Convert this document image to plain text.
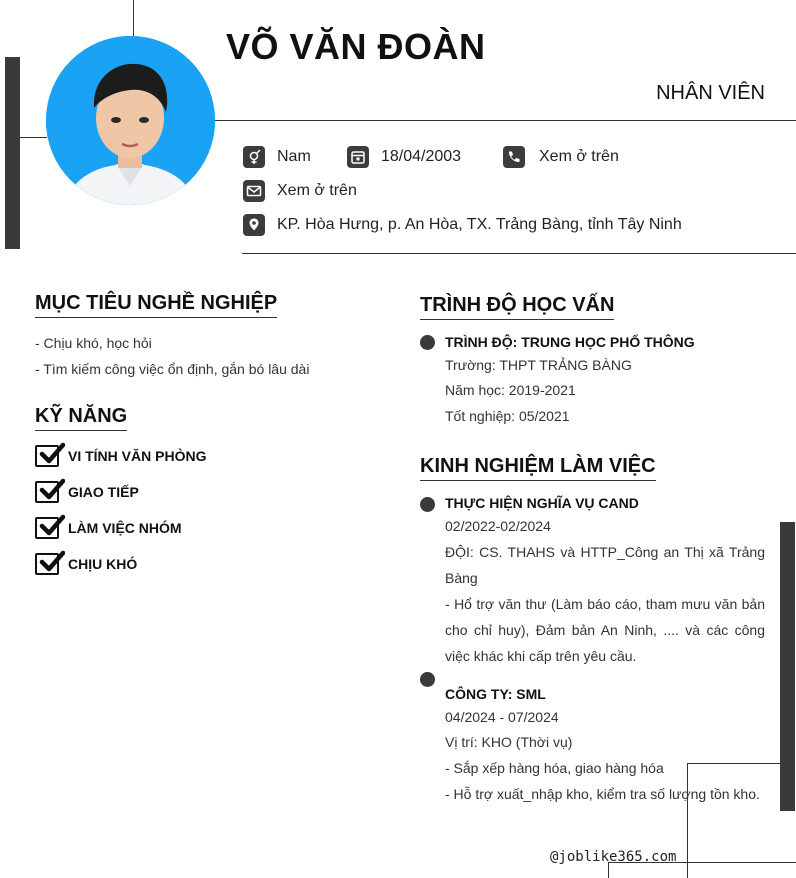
VÕ VĂN ĐOÀN
NHÂN VIÊN
Nam	18/04/2003	Xem ở trên
Xem ở trên
KP. Hòa Hưng, p. An Hòa, TX. Trảng Bàng, tỉnh Tây Ninh
MỤC TIÊU NGHỀ NGHIỆP
- Chịu khó, học hỏi
- Tìm kiếm công việc ổn định, gắn bó lâu dài
KỸ NĂNG
VI TÍNH VĂN PHÒNG
GIAO TIẾP
LÀM VIỆC NHÓM
CHỊU KHÓ
TRÌNH ĐỘ HỌC VẤN
TRÌNH ĐỘ: TRUNG HỌC PHỔ THÔNG
Trường: THPT TRẢNG BÀNG
Năm học: 2019-2021
Tốt nghiệp: 05/2021
KINH NGHIỆM LÀM VIỆC
THỰC HIỆN NGHĨA VỤ CAND
02/2022-02/2024
ĐỘI: CS. THAHS và HTTP_Công an Thị xã Trảng Bàng
- Hổ trợ văn thư (Làm báo cáo, tham mưu văn bản cho chỉ huy), Đảm bản An Ninh, .... và các công việc khác khi cấp trên yêu cầu.
CÔNG TY: SML
04/2024 - 07/2024
Vị trí: KHO (Thời vụ)
- Sắp xếp hàng hóa, giao hàng hóa
- Hỗ trợ xuất_nhập kho, kiểm tra số lượng tồn kho.
@joblike365.com
